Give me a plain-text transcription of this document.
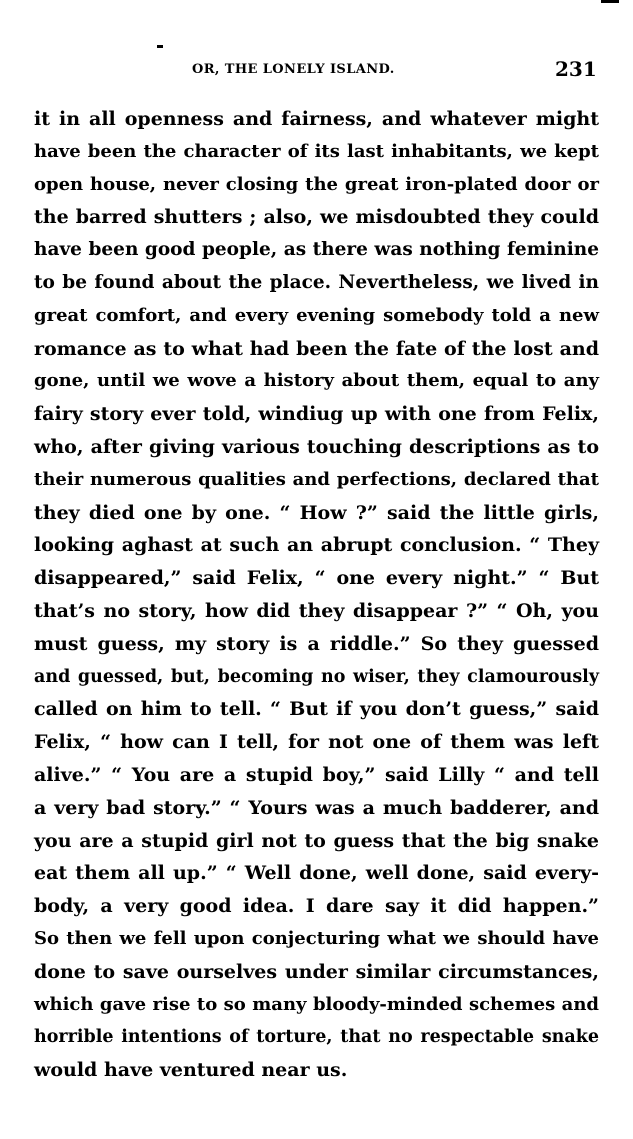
OR, THE LONELY ISLAND.	231
it in all openness and fairness, and whatever might
have been the character of its last inhabitants, we kept
open house, never closing the great iron-plated door or
the barred shutters ; also, we misdoubted they could
have been good people, as there was nothing feminine
to be found about the place. Nevertheless, we lived in
great comfort, and every evening somebody told a new
romance as to what had been the fate of the lost and
gone, until we wove a history about them, equal to any
fairy story ever told, windiug up with one from Felix,
who, after giving various touching descriptions as to
their numerous qualities and perfections, declared that
they died one by one. “ How ?” said the little girls,
looking aghast at such an abrupt conclusion. “ They
disappeared,” said Felix, “ one every night.” “ But
that’s no story, how did they disappear ?” “ Oh, you
must guess, my story is a riddle.” So they guessed
and guessed, but, becoming no wiser, they clamourously
called on him to tell. “ But if you don’t guess,” said
Felix, “ how can I tell, for not one of them was left
alive.” “ You are a stupid boy,” said Lilly “ and tell
a very bad story.” “ Yours was a much badderer, and
you are a stupid girl not to guess that the big snake
eat them all up.” “ Well done, well done, said every-
body, a very good idea. I dare say it did happen.”
So then we fell upon conjecturing what we should have
done to save ourselves under similar circumstances,
which gave rise to so many bloody-minded schemes and
horrible intentions of torture, that no respectable snake
would have ventured near us.
